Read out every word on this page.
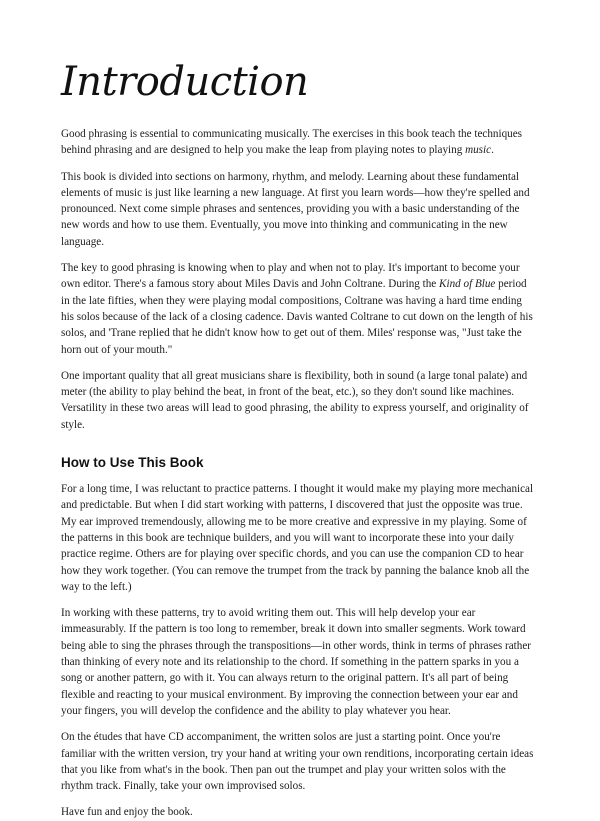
Introduction

Good phrasing is essential to communicating musically. The exercises in this book teach the techniques behind phrasing and are designed to help you make the leap from playing notes to playing music.

This book is divided into sections on harmony, rhythm, and melody. Learning about these fundamental elements of music is just like learning a new language. At first you learn words—how they're spelled and pronounced. Next come simple phrases and sentences, providing you with a basic understanding of the new words and how to use them. Eventually, you move into thinking and communicating in the new language.

The key to good phrasing is knowing when to play and when not to play. It's important to become your own editor. There's a famous story about Miles Davis and John Coltrane. During the Kind of Blue period in the late fifties, when they were playing modal compositions, Coltrane was having a hard time ending his solos because of the lack of a closing cadence. Davis wanted Coltrane to cut down on the length of his solos, and 'Trane replied that he didn't know how to get out of them. Miles' response was, "Just take the horn out of your mouth."

One important quality that all great musicians share is flexibility, both in sound (a large tonal palate) and meter (the ability to play behind the beat, in front of the beat, etc.), so they don't sound like machines. Versatility in these two areas will lead to good phrasing, the ability to express yourself, and originality of style.

How to Use This Book

For a long time, I was reluctant to practice patterns. I thought it would make my playing more mechanical and predictable. But when I did start working with patterns, I discovered that just the opposite was true. My ear improved tremendously, allowing me to be more creative and expressive in my playing. Some of the patterns in this book are technique builders, and you will want to incorporate these into your daily practice regime. Others are for playing over specific chords, and you can use the companion CD to hear how they work together. (You can remove the trumpet from the track by panning the balance knob all the way to the left.)

In working with these patterns, try to avoid writing them out. This will help develop your ear immeasurably. If the pattern is too long to remember, break it down into smaller segments. Work toward being able to sing the phrases through the transpositions—in other words, think in terms of phrases rather than thinking of every note and its relationship to the chord. If something in the pattern sparks in you a song or another pattern, go with it. You can always return to the original pattern. It's all part of being flexible and reacting to your musical environment. By improving the connection between your ear and your fingers, you will develop the confidence and the ability to play whatever you hear.

On the études that have CD accompaniment, the written solos are just a starting point. Once you're familiar with the written version, try your hand at writing your own renditions, incorporating certain ideas that you like from what's in the book. Then pan out the trumpet and play your written solos with the rhythm track. Finally, take your own improvised solos.

Have fun and enjoy the book.
